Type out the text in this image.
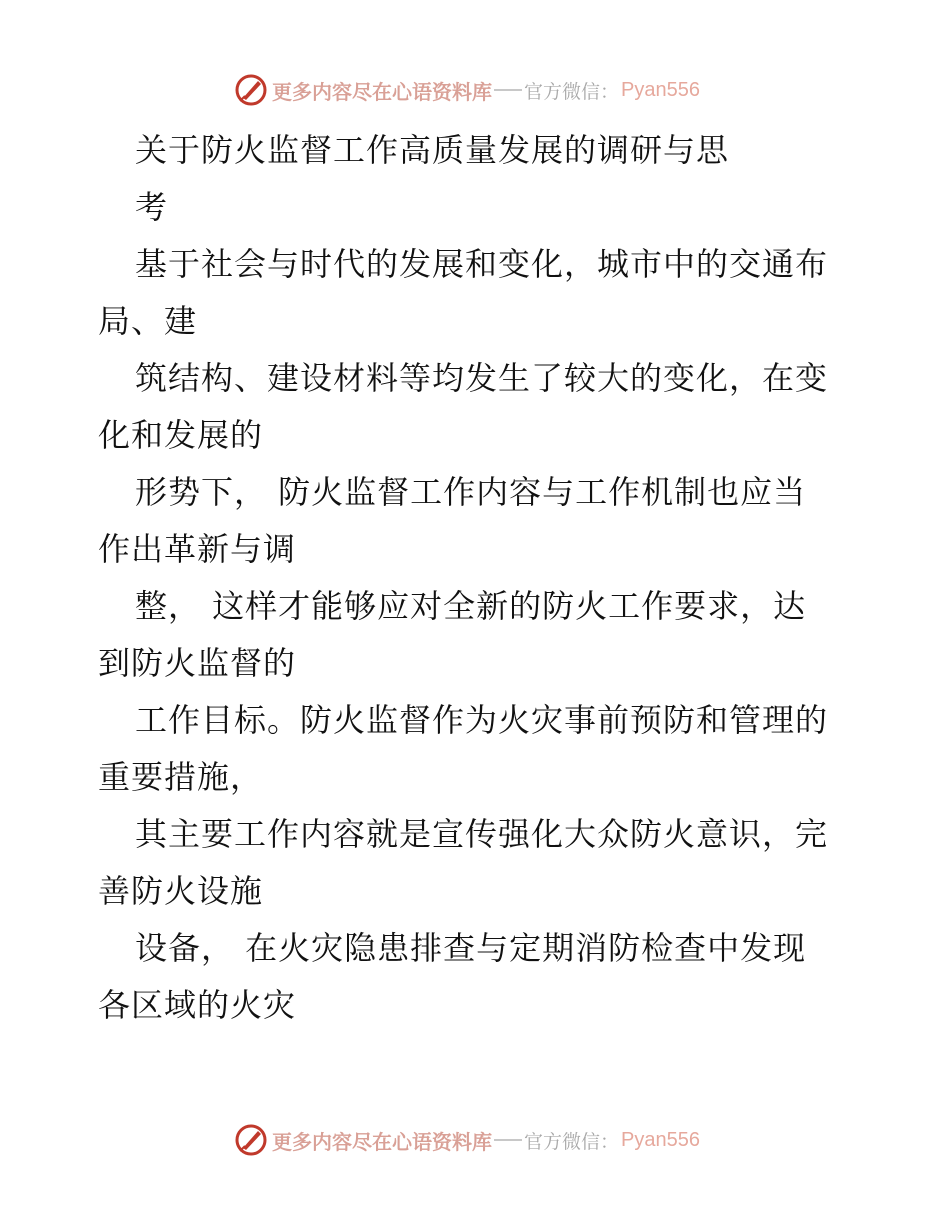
更多内容尽在心语资料库 官方微信： Pyan556
关于防火监督工作高质量发展的调研与思
考
基于社会与时代的发展和变化，城市中的交通布
局、建
筑结构、建设材料等均发生了较大的变化，在变
化和发展的
形势下， 防火监督工作内容与工作机制也应当
作出革新与调
整， 这样才能够应对全新的防火工作要求，达
到防火监督的
工作目标。防火监督作为火灾事前预防和管理的
重要措施，
其主要工作内容就是宣传强化大众防火意识，完
善防火设施
设备， 在火灾隐患排查与定期消防检查中发现
各区域的火灾
更多内容尽在心语资料库 官方微信： Pyan556
